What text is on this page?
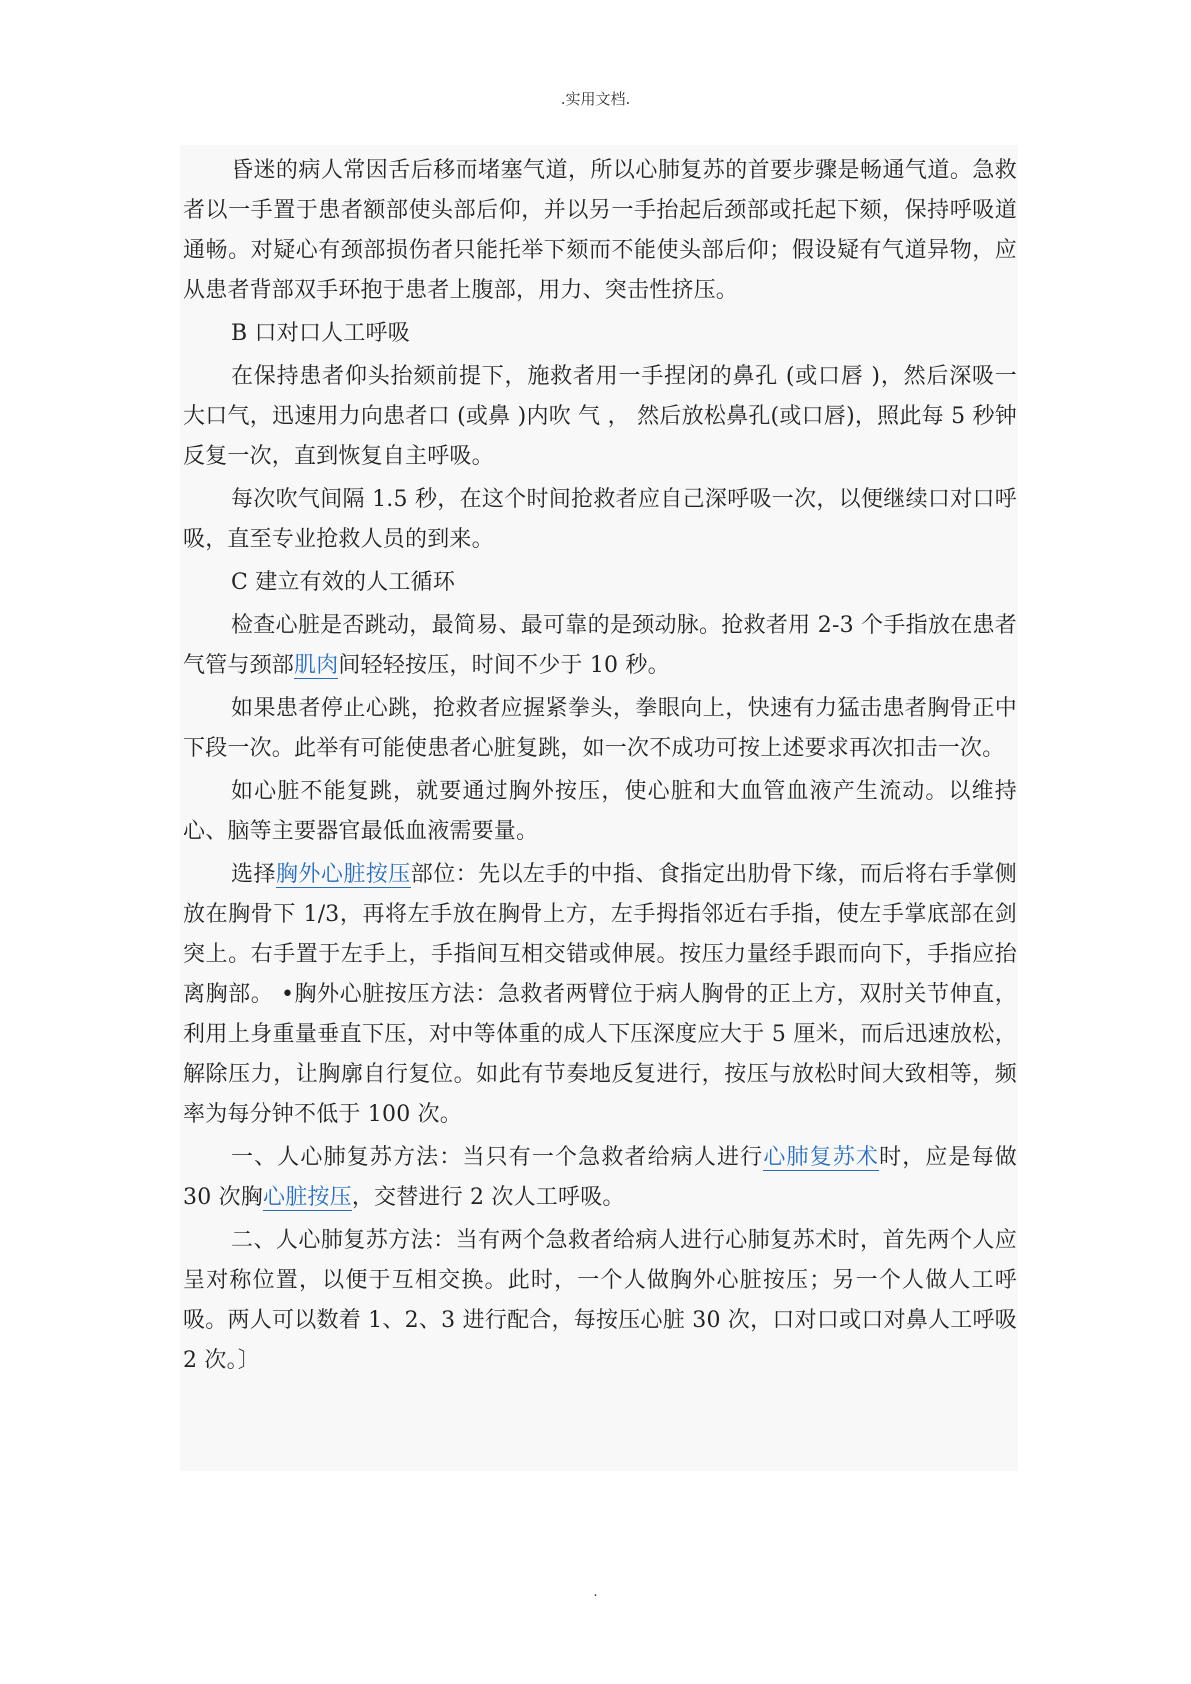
.实用文档.

昏迷的病人常因舌后移而堵塞气道，所以心肺复苏的首要步骤是畅通气道。急救者以一手置于患者额部使头部后仰，并以另一手抬起后颈部或托起下颏，保持呼吸道通畅。对疑心有颈部损伤者只能托举下颏而不能使头部后仰；假设疑有气道异物，应从患者背部双手环抱于患者上腹部，用力、突击性挤压。

B 口对口人工呼吸

在保持患者仰头抬颏前提下，施救者用一手捏闭的鼻孔 (或口唇 )，然后深吸一大口气，迅速用力向患者口 (或鼻 )内吹 气 ， 然后放松鼻孔(或口唇)，照此每 5 秒钟反复一次，直到恢复自主呼吸。

每次吹气间隔 1.5 秒，在这个时间抢救者应自己深呼吸一次，以便继续口对口呼吸，直至专业抢救人员的到来。

C 建立有效的人工循环

检查心脏是否跳动，最简易、最可靠的是颈动脉。抢救者用 2-3 个手指放在患者气管与颈部肌肉间轻轻按压，时间不少于 10 秒。

如果患者停止心跳，抢救者应握紧拳头，拳眼向上，快速有力猛击患者胸骨正中下段一次。此举有可能使患者心脏复跳，如一次不成功可按上述要求再次扣击一次。

如心脏不能复跳，就要通过胸外按压，使心脏和大血管血液产生流动。以维持心、脑等主要器官最低血液需要量。

选择胸外心脏按压部位：先以左手的中指、食指定出肋骨下缘，而后将右手掌侧放在胸骨下 1/3，再将左手放在胸骨上方，左手拇指邻近右手指，使左手掌底部在剑突上。右手置于左手上，手指间互相交错或伸展。按压力量经手跟而向下，手指应抬离胸部。 •胸外心脏按压方法：急救者两臂位于病人胸骨的正上方，双肘关节伸直，利用上身重量垂直下压，对中等体重的成人下压深度应大于 5 厘米，而后迅速放松，解除压力，让胸廓自行复位。如此有节奏地反复进行，按压与放松时间大致相等，频率为每分钟不低于 100 次。

一、人心肺复苏方法：当只有一个急救者给病人进行心肺复苏术时，应是每做 30 次胸心脏按压，交替进行 2 次人工呼吸。

二、人心肺复苏方法：当有两个急救者给病人进行心肺复苏术时，首先两个人应呈对称位置，以便于互相交换。此时，一个人做胸外心脏按压；另一个人做人工呼吸。两人可以数着 1、2、3 进行配合，每按压心脏 30 次，口对口或口对鼻人工呼吸 2 次。〕

.
